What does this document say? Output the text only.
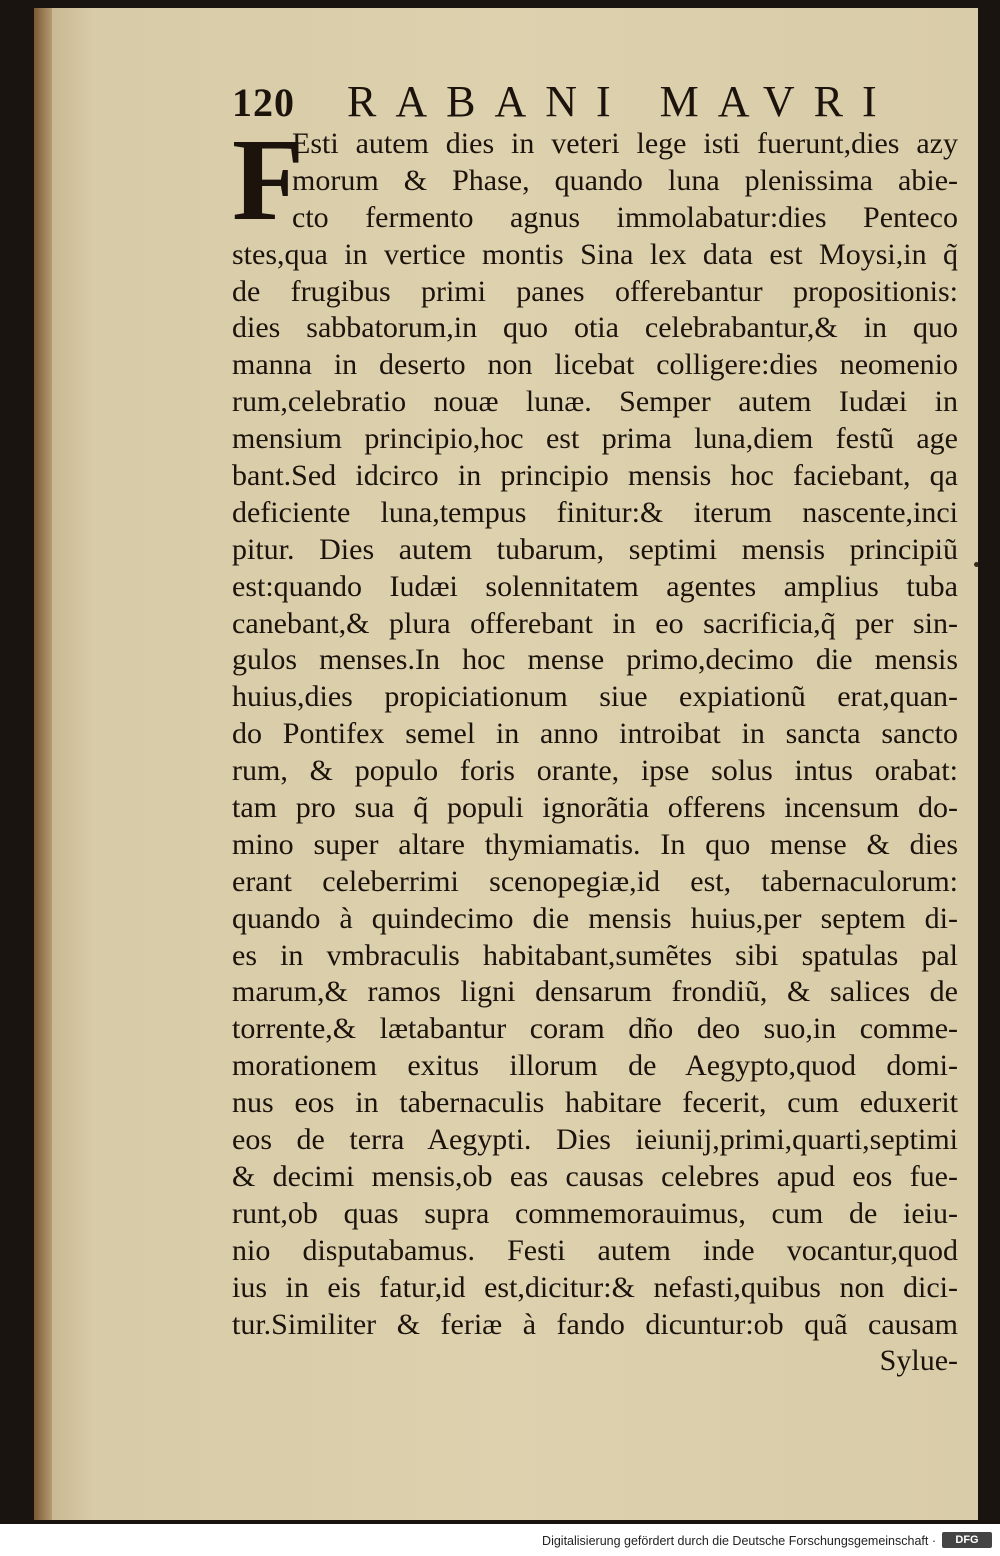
120 RABANI MAVRI
F
Esti autem dies in veteri lege isti fuerunt,dies azy
morum & Phase, quando luna plenissima abie-
cto fermento agnus immolabatur:dies Penteco
stes,qua in vertice montis Sina lex data est Moysi,in q̃
de frugibus primi panes offerebantur propositionis:
dies sabbatorum,in quo otia celebrabantur,& in quo
manna in deserto non licebat colligere:dies neomenio
rum,celebratio nouæ lunæ. Semper autem Iudæi in
mensium principio,hoc est prima luna,diem festũ age
bant.Sed idcirco in principio mensis hoc faciebant, qa
deficiente luna,tempus finitur:& iterum nascente,inci
pitur. Dies autem tubarum, septimi mensis principiũ
est:quando Iudæi solennitatem agentes amplius tuba
canebant,& plura offerebant in eo sacrificia,q̃ per sin-
gulos menses.In hoc mense primo,decimo die mensis
huius,dies propiciationum siue expiationũ erat,quan-
do Pontifex semel in anno introibat in sancta sancto
rum, & populo foris orante, ipse solus intus orabat:
tam pro sua q̃ populi ignorãtia offerens incensum do-
mino super altare thymiamatis. In quo mense & dies
erant celeberrimi scenopegiæ,id est, tabernaculorum:
quando à quindecimo die mensis huius,per septem di-
es in vmbraculis habitabant,sumẽtes sibi spatulas pal
marum,& ramos ligni densarum frondiũ, & salices de
torrente,& lætabantur coram dño deo suo,in comme-
morationem exitus illorum de Aegypto,quod domi-
nus eos in tabernaculis habitare fecerit, cum eduxerit
eos de terra Aegypti. Dies ieiunij,primi,quarti,septimi
& decimi mensis,ob eas causas celebres apud eos fue-
runt,ob quas supra commemorauimus, cum de ieiu-
nio disputabamus. Festi autem inde vocantur,quod
ius in eis fatur,id est,dicitur:& nefasti,quibus non dici-
tur.Similiter & feriæ à fando dicuntur:ob quã causam
Sylue-
Digitalisierung gefördert durch die Deutsche Forschungsgemeinschaft ·	DFG
